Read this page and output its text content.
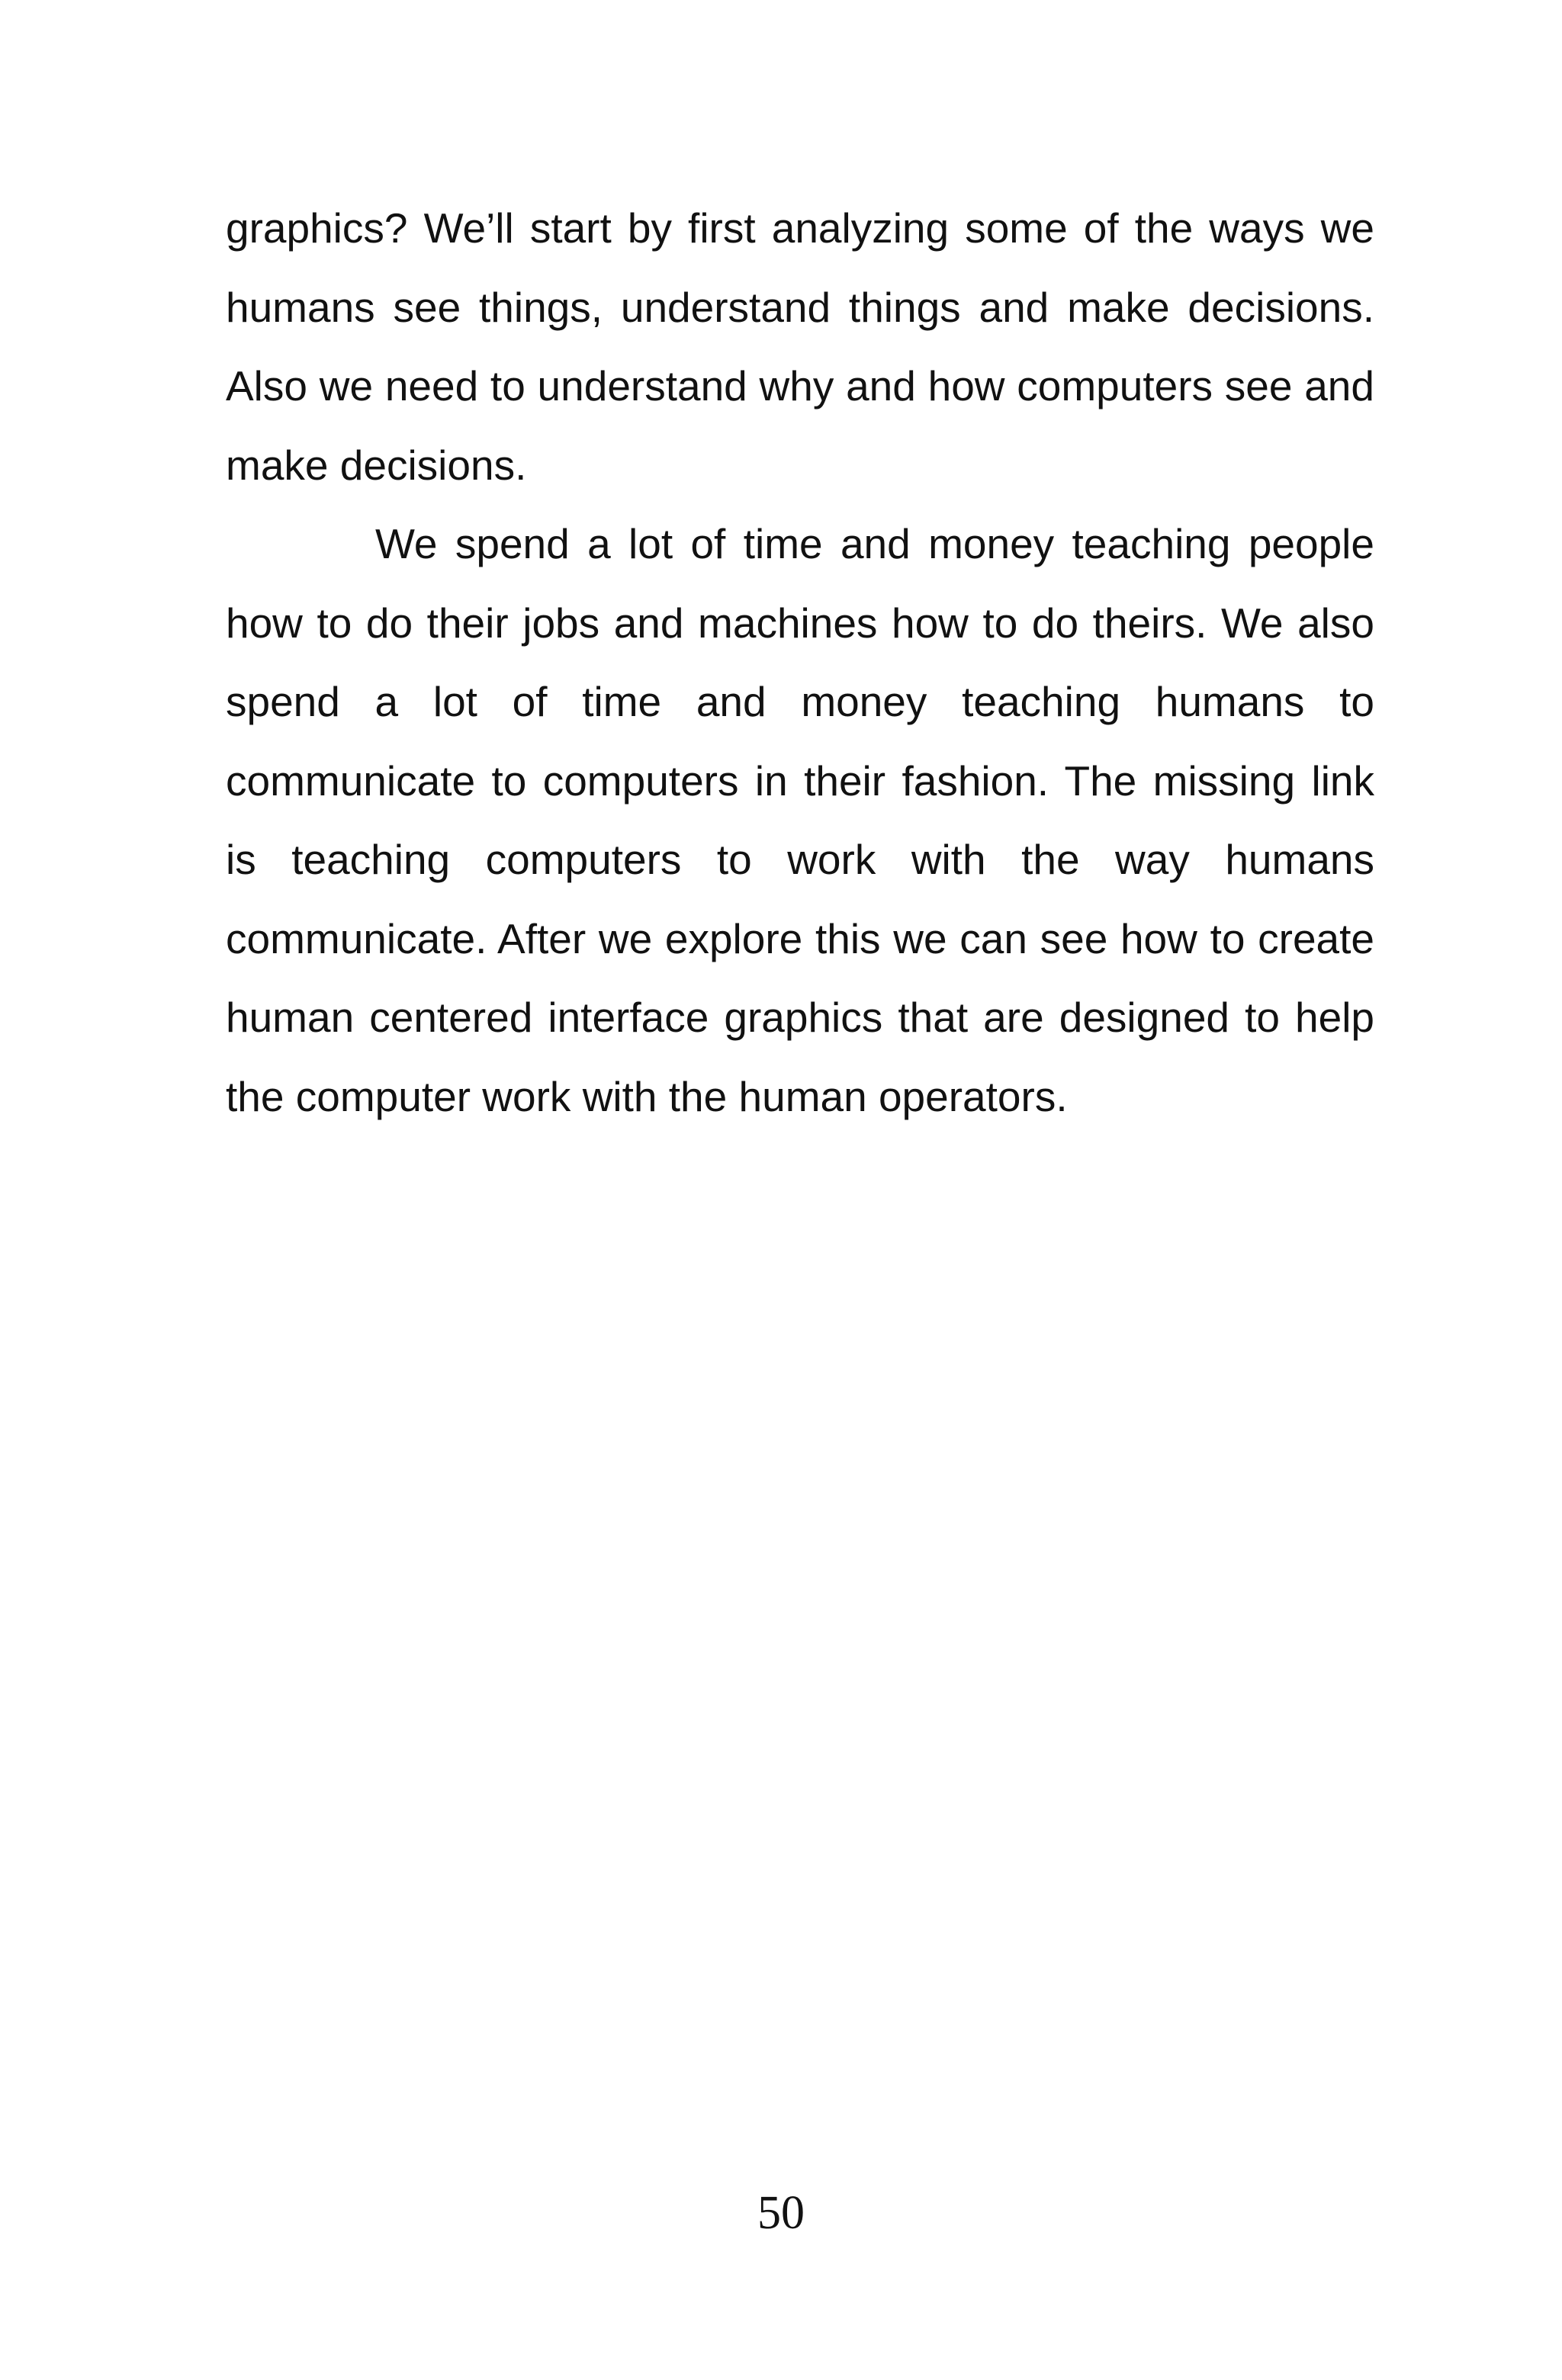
graphics? We’ll start by first analyzing some of the ways we humans see things, understand things and make decisions. Also we need to understand why and how computers see and make decisions.

We spend a lot of time and money teaching people how to do their jobs and machines how to do theirs. We also spend a lot of time and money teaching humans to communicate to computers in their fashion. The missing link is teaching computers to work with the way humans communicate. After we explore this we can see how to create human centered interface graphics that are designed to help the computer work with the human operators.

50
